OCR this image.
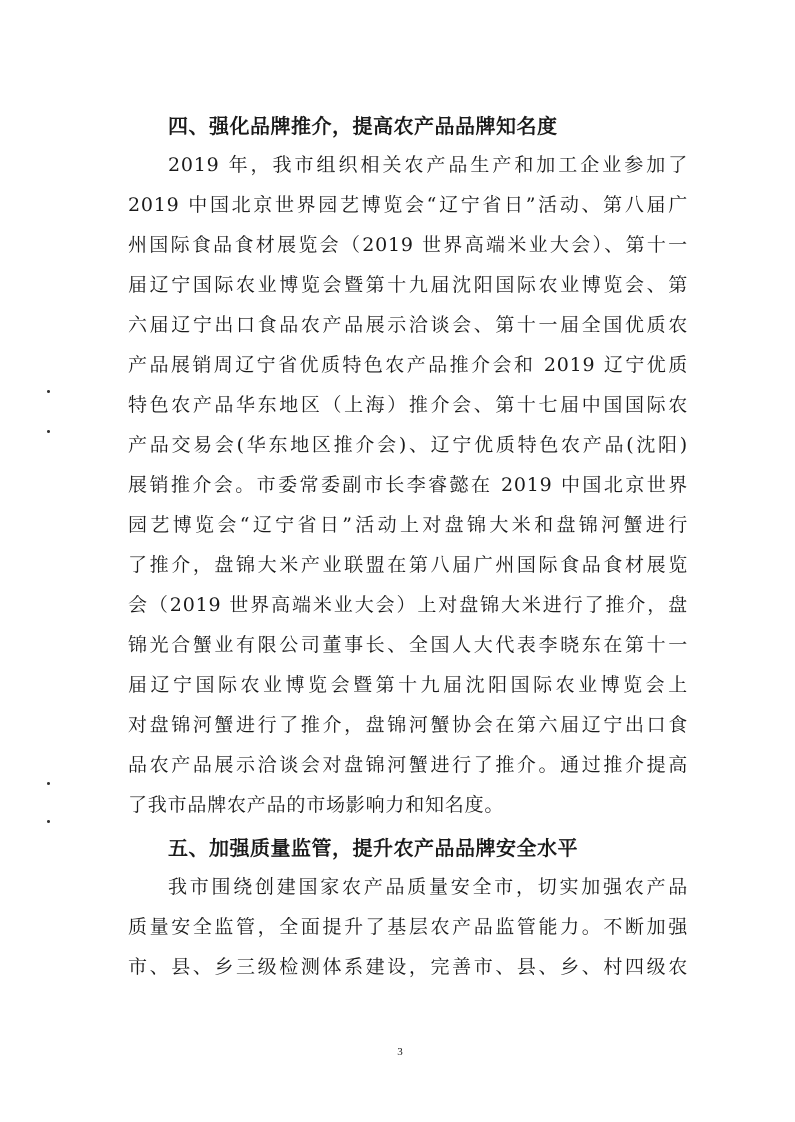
四、强化品牌推介，提高农产品品牌知名度
2019 年，我市组织相关农产品生产和加工企业参加了
2019 中国北京世界园艺博览会“辽宁省日”活动、第八届广
州国际食品食材展览会（2019 世界高端米业大会）、第十一
届辽宁国际农业博览会暨第十九届沈阳国际农业博览会、第
六届辽宁出口食品农产品展示洽谈会、第十一届全国优质农
产品展销周辽宁省优质特色农产品推介会和 2019 辽宁优质
特色农产品华东地区（上海）推介会、第十七届中国国际农
产品交易会(华东地区推介会)、辽宁优质特色农产品(沈阳)
展销推介会。市委常委副市长李睿懿在 2019 中国北京世界
园艺博览会“辽宁省日”活动上对盘锦大米和盘锦河蟹进行
了推介，盘锦大米产业联盟在第八届广州国际食品食材展览
会（2019 世界高端米业大会）上对盘锦大米进行了推介，盘
锦光合蟹业有限公司董事长、全国人大代表李晓东在第十一
届辽宁国际农业博览会暨第十九届沈阳国际农业博览会上
对盘锦河蟹进行了推介，盘锦河蟹协会在第六届辽宁出口食
品农产品展示洽谈会对盘锦河蟹进行了推介。通过推介提高
了我市品牌农产品的市场影响力和知名度。
五、加强质量监管，提升农产品品牌安全水平
我市围绕创建国家农产品质量安全市，切实加强农产品
质量安全监管，全面提升了基层农产品监管能力。不断加强
市、县、乡三级检测体系建设，完善市、县、乡、村四级农
3
